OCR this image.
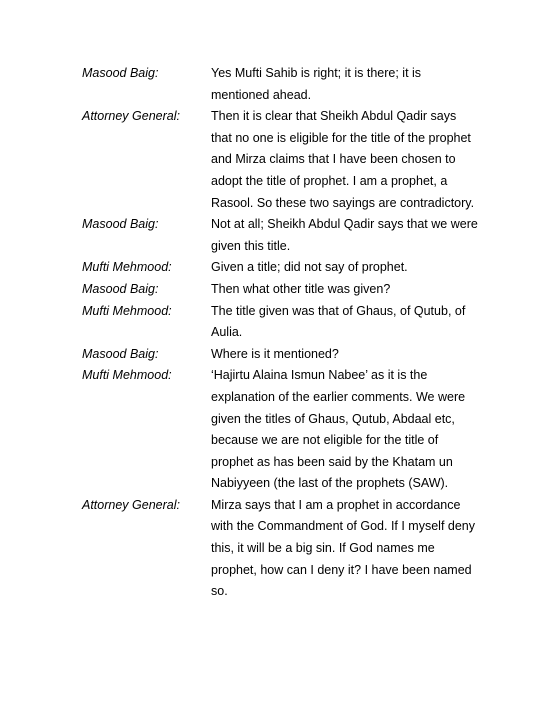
Masood Baig:	Yes Mufti Sahib is right; it is there; it is mentioned ahead.
Attorney General:	Then it is clear that Sheikh Abdul Qadir says that no one is eligible for the title of the prophet and Mirza claims that I have been chosen to adopt the title of prophet. I am a prophet, a Rasool. So these two sayings are contradictory.
Masood Baig:	Not at all; Sheikh Abdul Qadir says that we were given this title.
Mufti Mehmood:	Given a title; did not say of prophet.
Masood Baig:	Then what other title was given?
Mufti Mehmood:	The title given was that of Ghaus, of Qutub, of Aulia.
Masood Baig:	Where is it mentioned?
Mufti Mehmood:	‘Hajirtu Alaina Ismun Nabee’ as it is the explanation of the earlier comments. We were given the titles of Ghaus, Qutub, Abdaal etc, because we are not eligible for the title of prophet as has been said by the Khatam un Nabiyyeen (the last of the prophets (SAW).
Attorney General:	Mirza says that I am a prophet in accordance with the Commandment of God. If I myself deny this, it will be a big sin. If God names me prophet, how can I deny it? I have been named so.
